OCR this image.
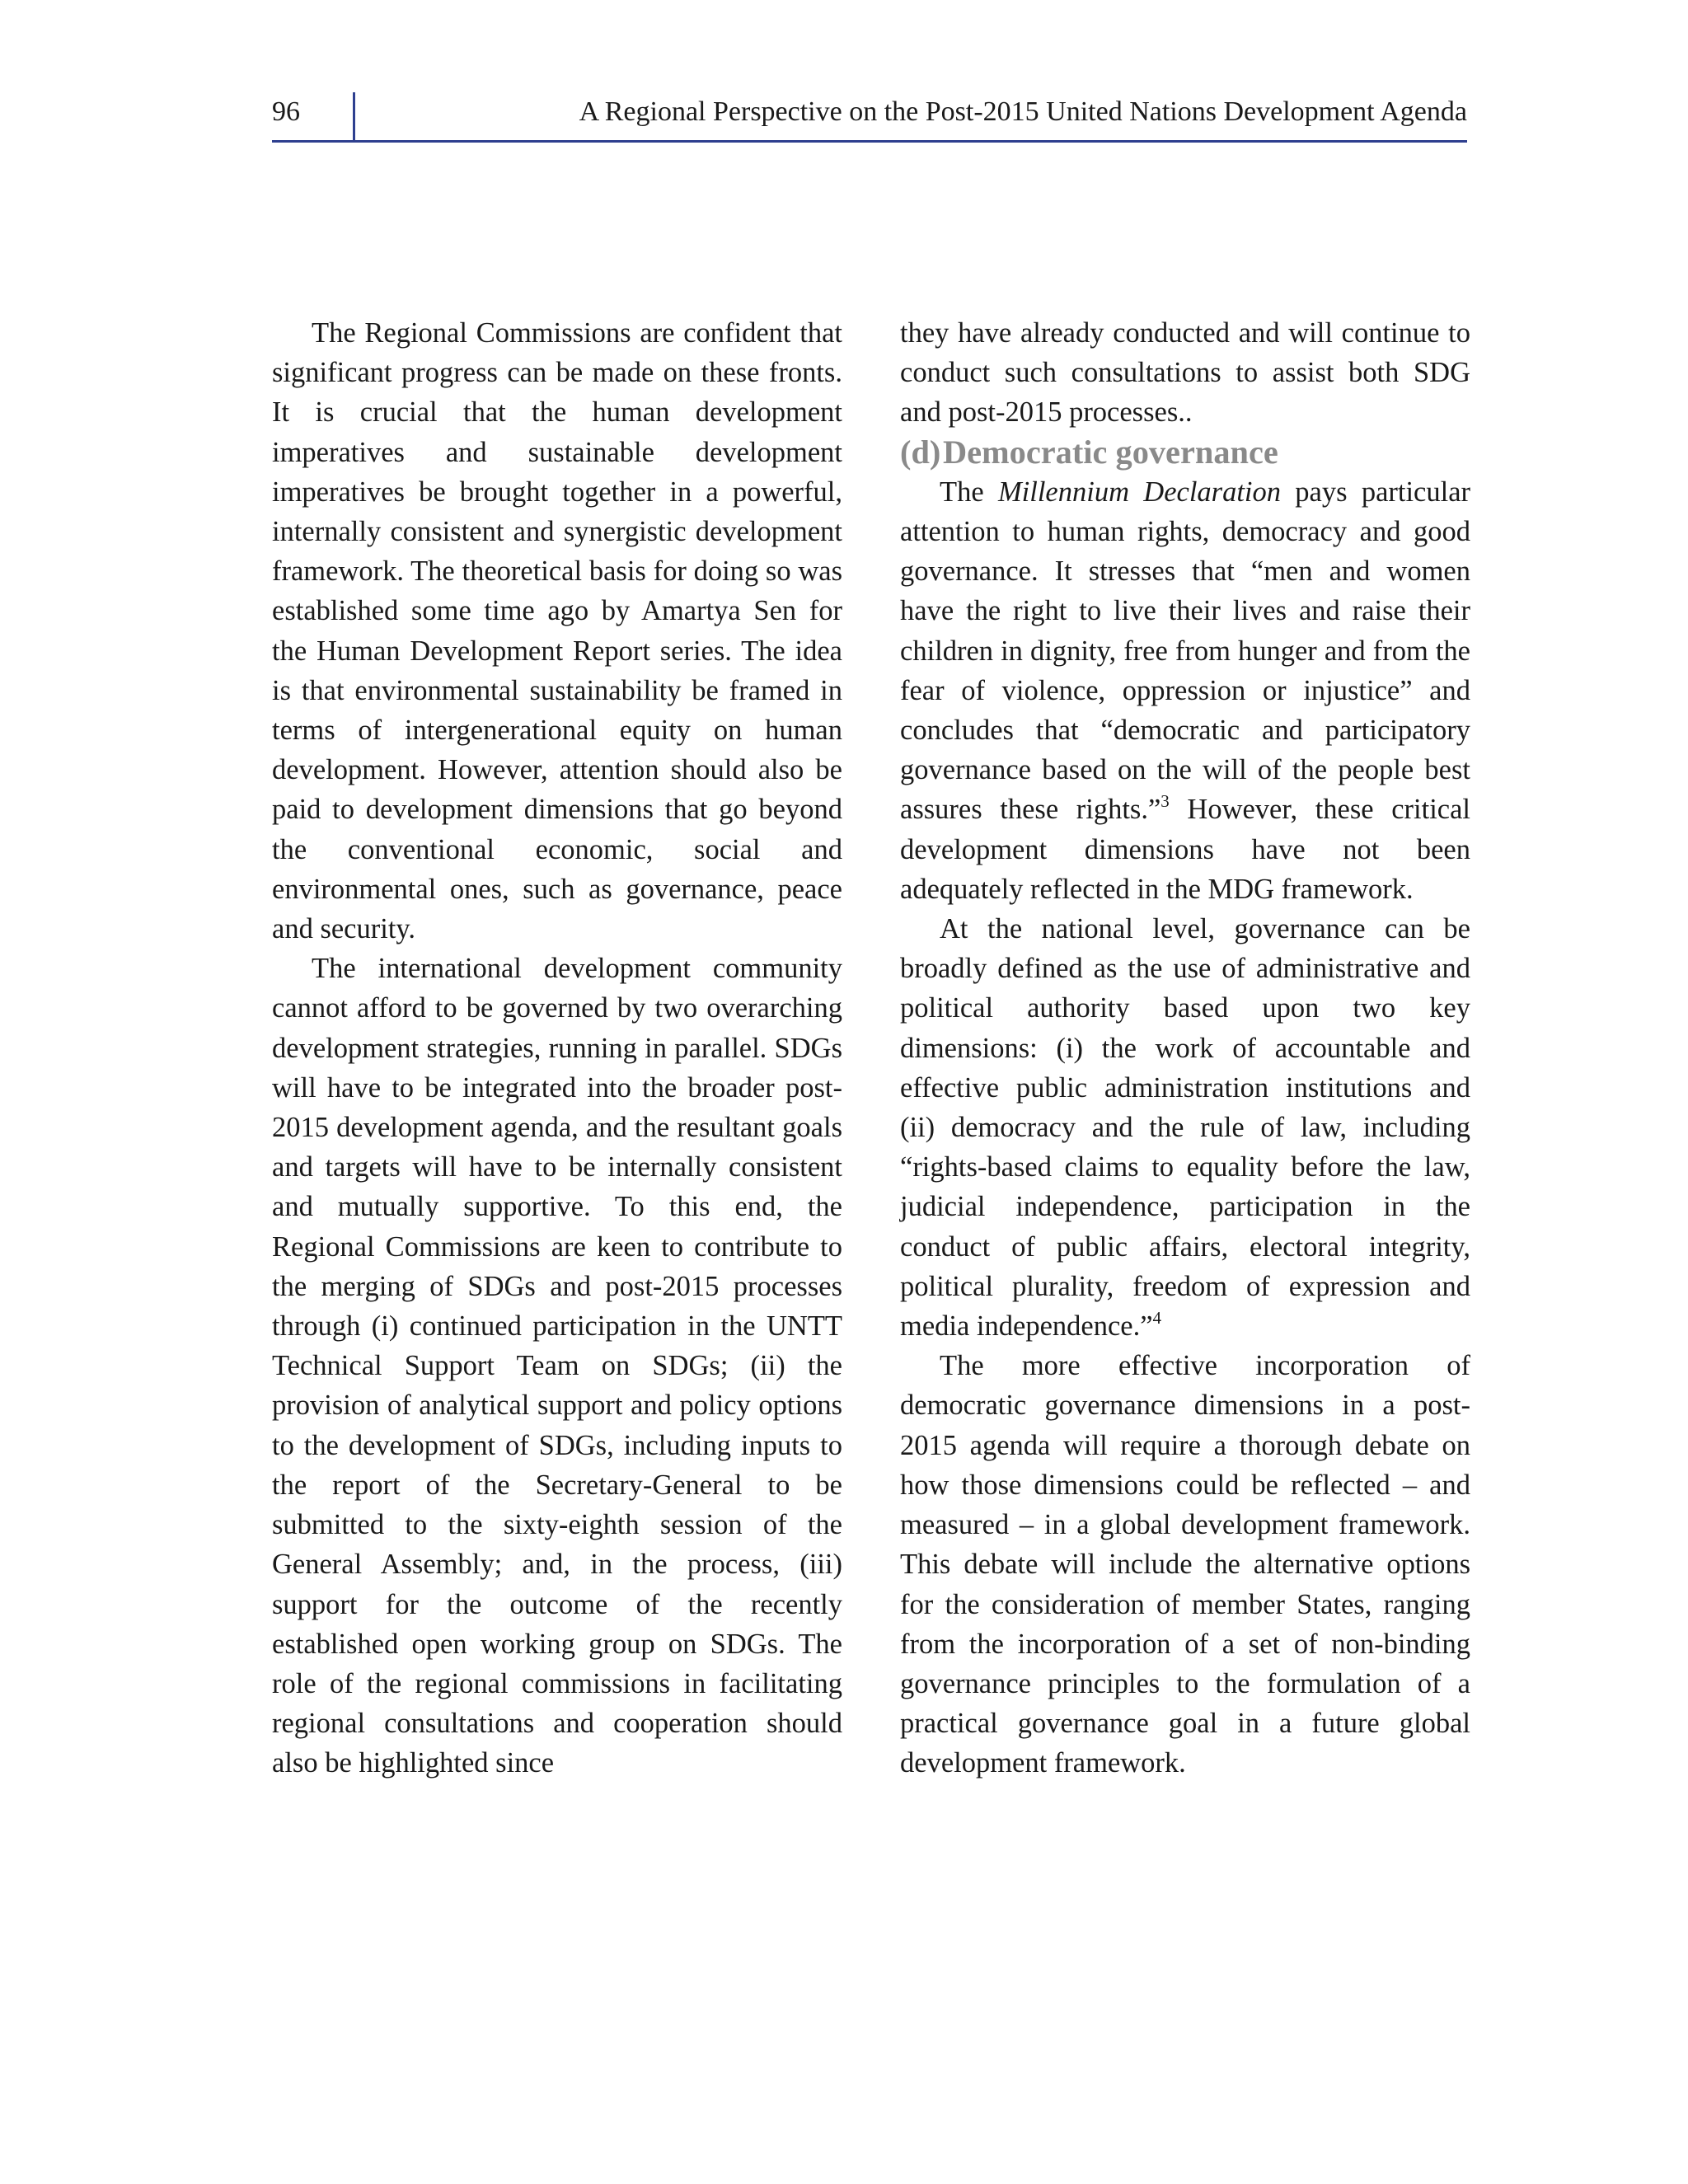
96	A Regional Perspective on the Post-2015 United Nations Development Agenda

The Regional Commissions are confident that significant progress can be made on these fronts. It is crucial that the human development imperatives and sustainable development imperatives be brought together in a powerful, internally consistent and synergistic development framework. The theoretical basis for doing so was established some time ago by Amartya Sen for the Human Development Report series. The idea is that environmental sustainability be framed in terms of intergenerational equity on human development. However, attention should also be paid to development dimensions that go beyond the conventional economic, social and environmental ones, such as governance, peace and security.

The international development community cannot afford to be governed by two overarching development strategies, running in parallel. SDGs will have to be integrated into the broader post-2015 development agenda, and the resultant goals and targets will have to be internally consistent and mutually supportive. To this end, the Regional Commissions are keen to contribute to the merging of SDGs and post-2015 processes through (i) continued participation in the UNTT Technical Support Team on SDGs; (ii) the provision of analytical support and policy options to the development of SDGs, including inputs to the report of the Secretary-General to be submitted to the sixty-eighth session of the General Assembly; and, in the process, (iii) support for the outcome of the recently established open working group on SDGs. The role of the regional commissions in facilitating regional consultations and cooperation should also be highlighted since

they have already conducted and will continue to conduct such consultations to assist both SDG and post-2015 processes..

(d)Democratic governance

The Millennium Declaration pays particular attention to human rights, democracy and good governance. It stresses that “men and women have the right to live their lives and raise their children in dignity, free from hunger and from the fear of violence, oppression or injustice” and concludes that “democratic and participatory governance based on the will of the people best assures these rights.”$^3$ However, these critical development dimensions have not been adequately reflected in the MDG framework.

At the national level, governance can be broadly defined as the use of administrative and political authority based upon two key dimensions: (i) the work of accountable and effective public administration institutions and (ii) democracy and the rule of law, including “rights-based claims to equality before the law, judicial independence, participation in the conduct of public affairs, electoral integrity, political plurality, freedom of expression and media independence.”$^4$

The more effective incorporation of democratic governance dimensions in a post-2015 agenda will require a thorough debate on how those dimensions could be reflected – and measured – in a global development framework. This debate will include the alternative options for the consideration of member States, ranging from the incorporation of a set of non-binding governance principles to the formulation of a practical governance goal in a future global development framework.
